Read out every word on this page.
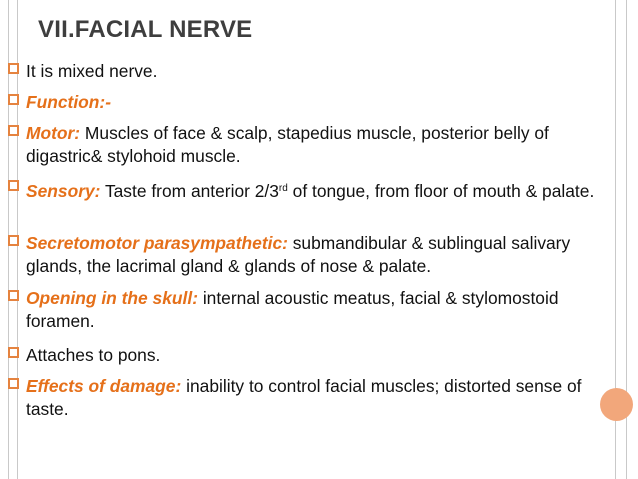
VII.FACIAL NERVE
It is mixed nerve.
Function:-
Motor: Muscles of face & scalp, stapedius muscle, posterior belly of digastric& stylohoid muscle.
Sensory: Taste from anterior 2/3rd of tongue, from floor of mouth & palate.
Secretomotor parasympathetic: submandibular & sublingual salivary glands, the lacrimal gland & glands of nose & palate.
Opening in the skull: internal acoustic meatus, facial & stylomostoid foramen.
Attaches to pons.
Effects of damage: inability to control facial muscles; distorted sense of taste.
